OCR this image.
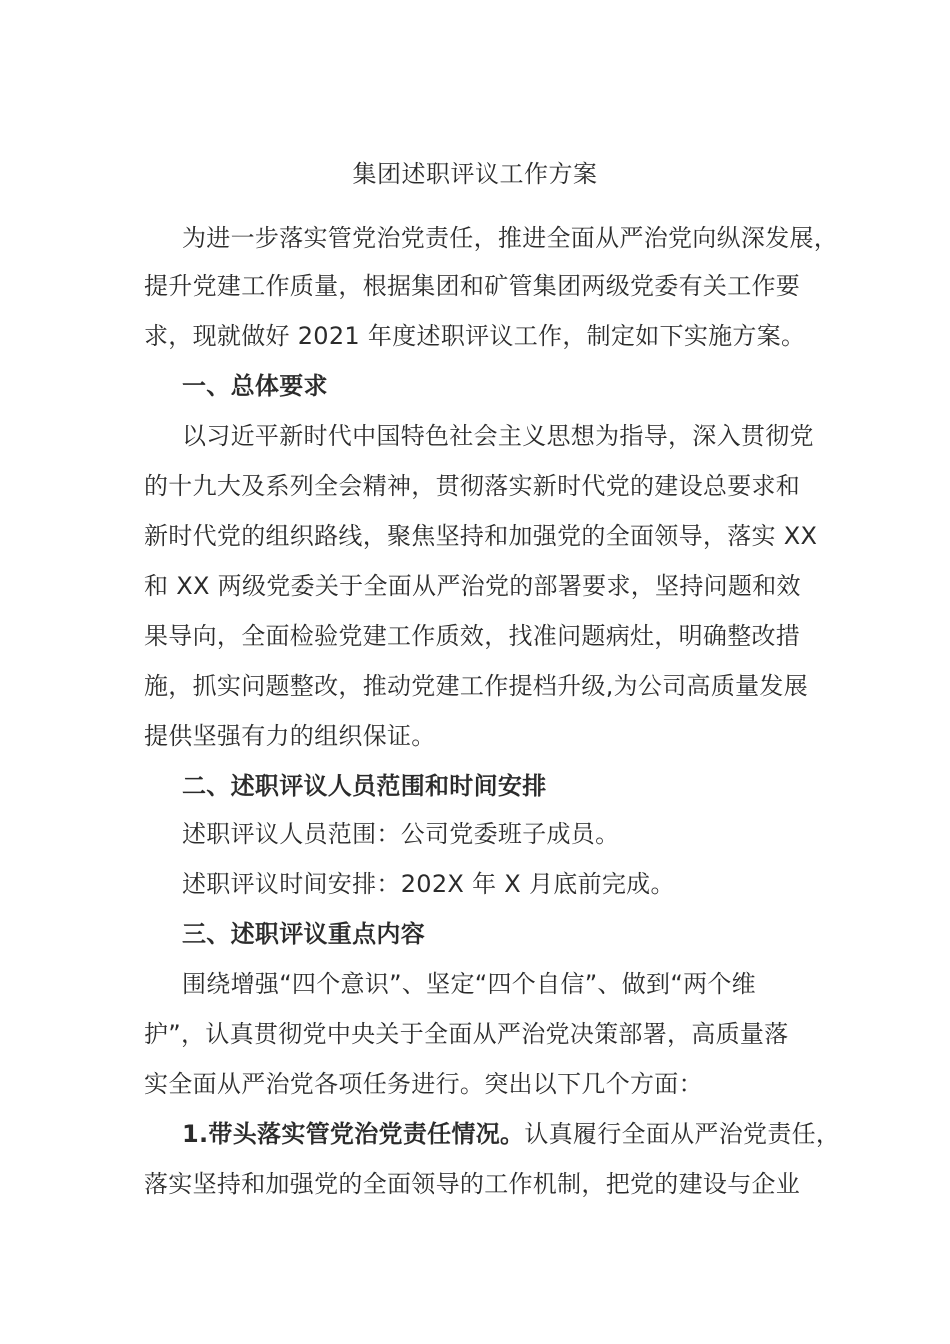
集团述职评议工作方案
为进一步落实管党治党责任，推进全面从严治党向纵深发展，
提升党建工作质量，根据集团和矿管集团两级党委有关工作要
求，现就做好 2021 年度述职评议工作，制定如下实施方案。
一、总体要求
以习近平新时代中国特色社会主义思想为指导，深入贯彻党
的十九大及系列全会精神，贯彻落实新时代党的建设总要求和
新时代党的组织路线，聚焦坚持和加强党的全面领导，落实 XX
和 XX 两级党委关于全面从严治党的部署要求，坚持问题和效
果导向，全面检验党建工作质效，找准问题病灶，明确整改措
施，抓实问题整改，推动党建工作提档升级,为公司高质量发展
提供坚强有力的组织保证。
二、述职评议人员范围和时间安排
述职评议人员范围：公司党委班子成员。
述职评议时间安排：202X 年 X 月底前完成。
三、述职评议重点内容
围绕增强“四个意识”、坚定“四个自信”、做到“两个维
护”，认真贯彻党中央关于全面从严治党决策部署，高质量落
实全面从严治党各项任务进行。突出以下几个方面：
1.带头落实管党治党责任情况。认真履行全面从严治党责任，
落实坚持和加强党的全面领导的工作机制，把党的建设与企业
